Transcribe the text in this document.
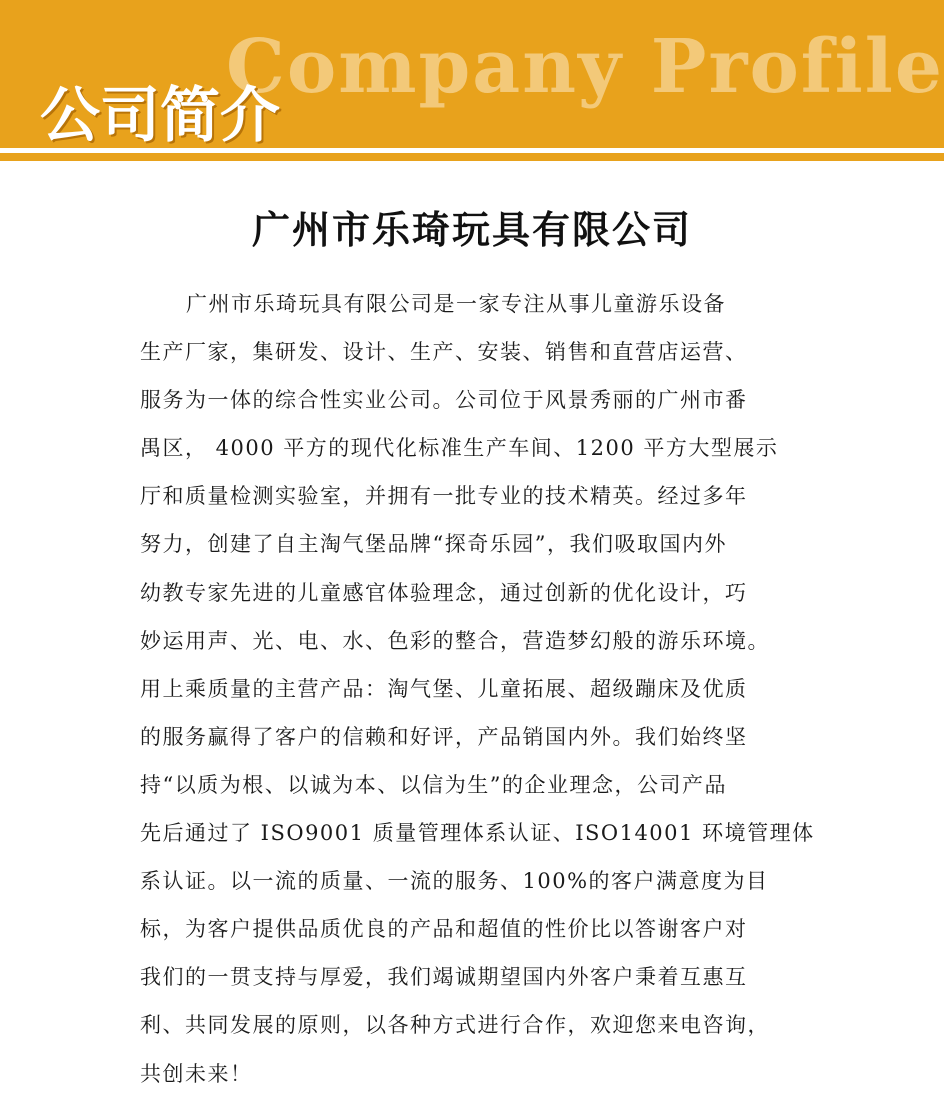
Company Profile
公司简介
广州市乐琦玩具有限公司
广州市乐琦玩具有限公司是一家专注从事儿童游乐设备
生产厂家，集研发、设计、生产、安装、销售和直营店运营、
服务为一体的综合性实业公司。公司位于风景秀丽的广州市番
禺区， 4000 平方的现代化标准生产车间、1200 平方大型展示
厅和质量检测实验室，并拥有一批专业的技术精英。经过多年
努力，创建了自主淘气堡品牌“探奇乐园”，我们吸取国内外
幼教专家先进的儿童感官体验理念，通过创新的优化设计，巧
妙运用声、光、电、水、色彩的整合，营造梦幻般的游乐环境。
用上乘质量的主营产品：淘气堡、儿童拓展、超级蹦床及优质
的服务赢得了客户的信赖和好评，产品销国内外。我们始终坚
持“以质为根、以诚为本、以信为生”的企业理念，公司产品
先后通过了 ISO9001 质量管理体系认证、ISO14001 环境管理体
系认证。以一流的质量、一流的服务、100%的客户满意度为目
标，为客户提供品质优良的产品和超值的性价比以答谢客户对
我们的一贯支持与厚爱，我们竭诚期望国内外客户秉着互惠互
利、共同发展的原则，以各种方式进行合作，欢迎您来电咨询，
共创未来！
